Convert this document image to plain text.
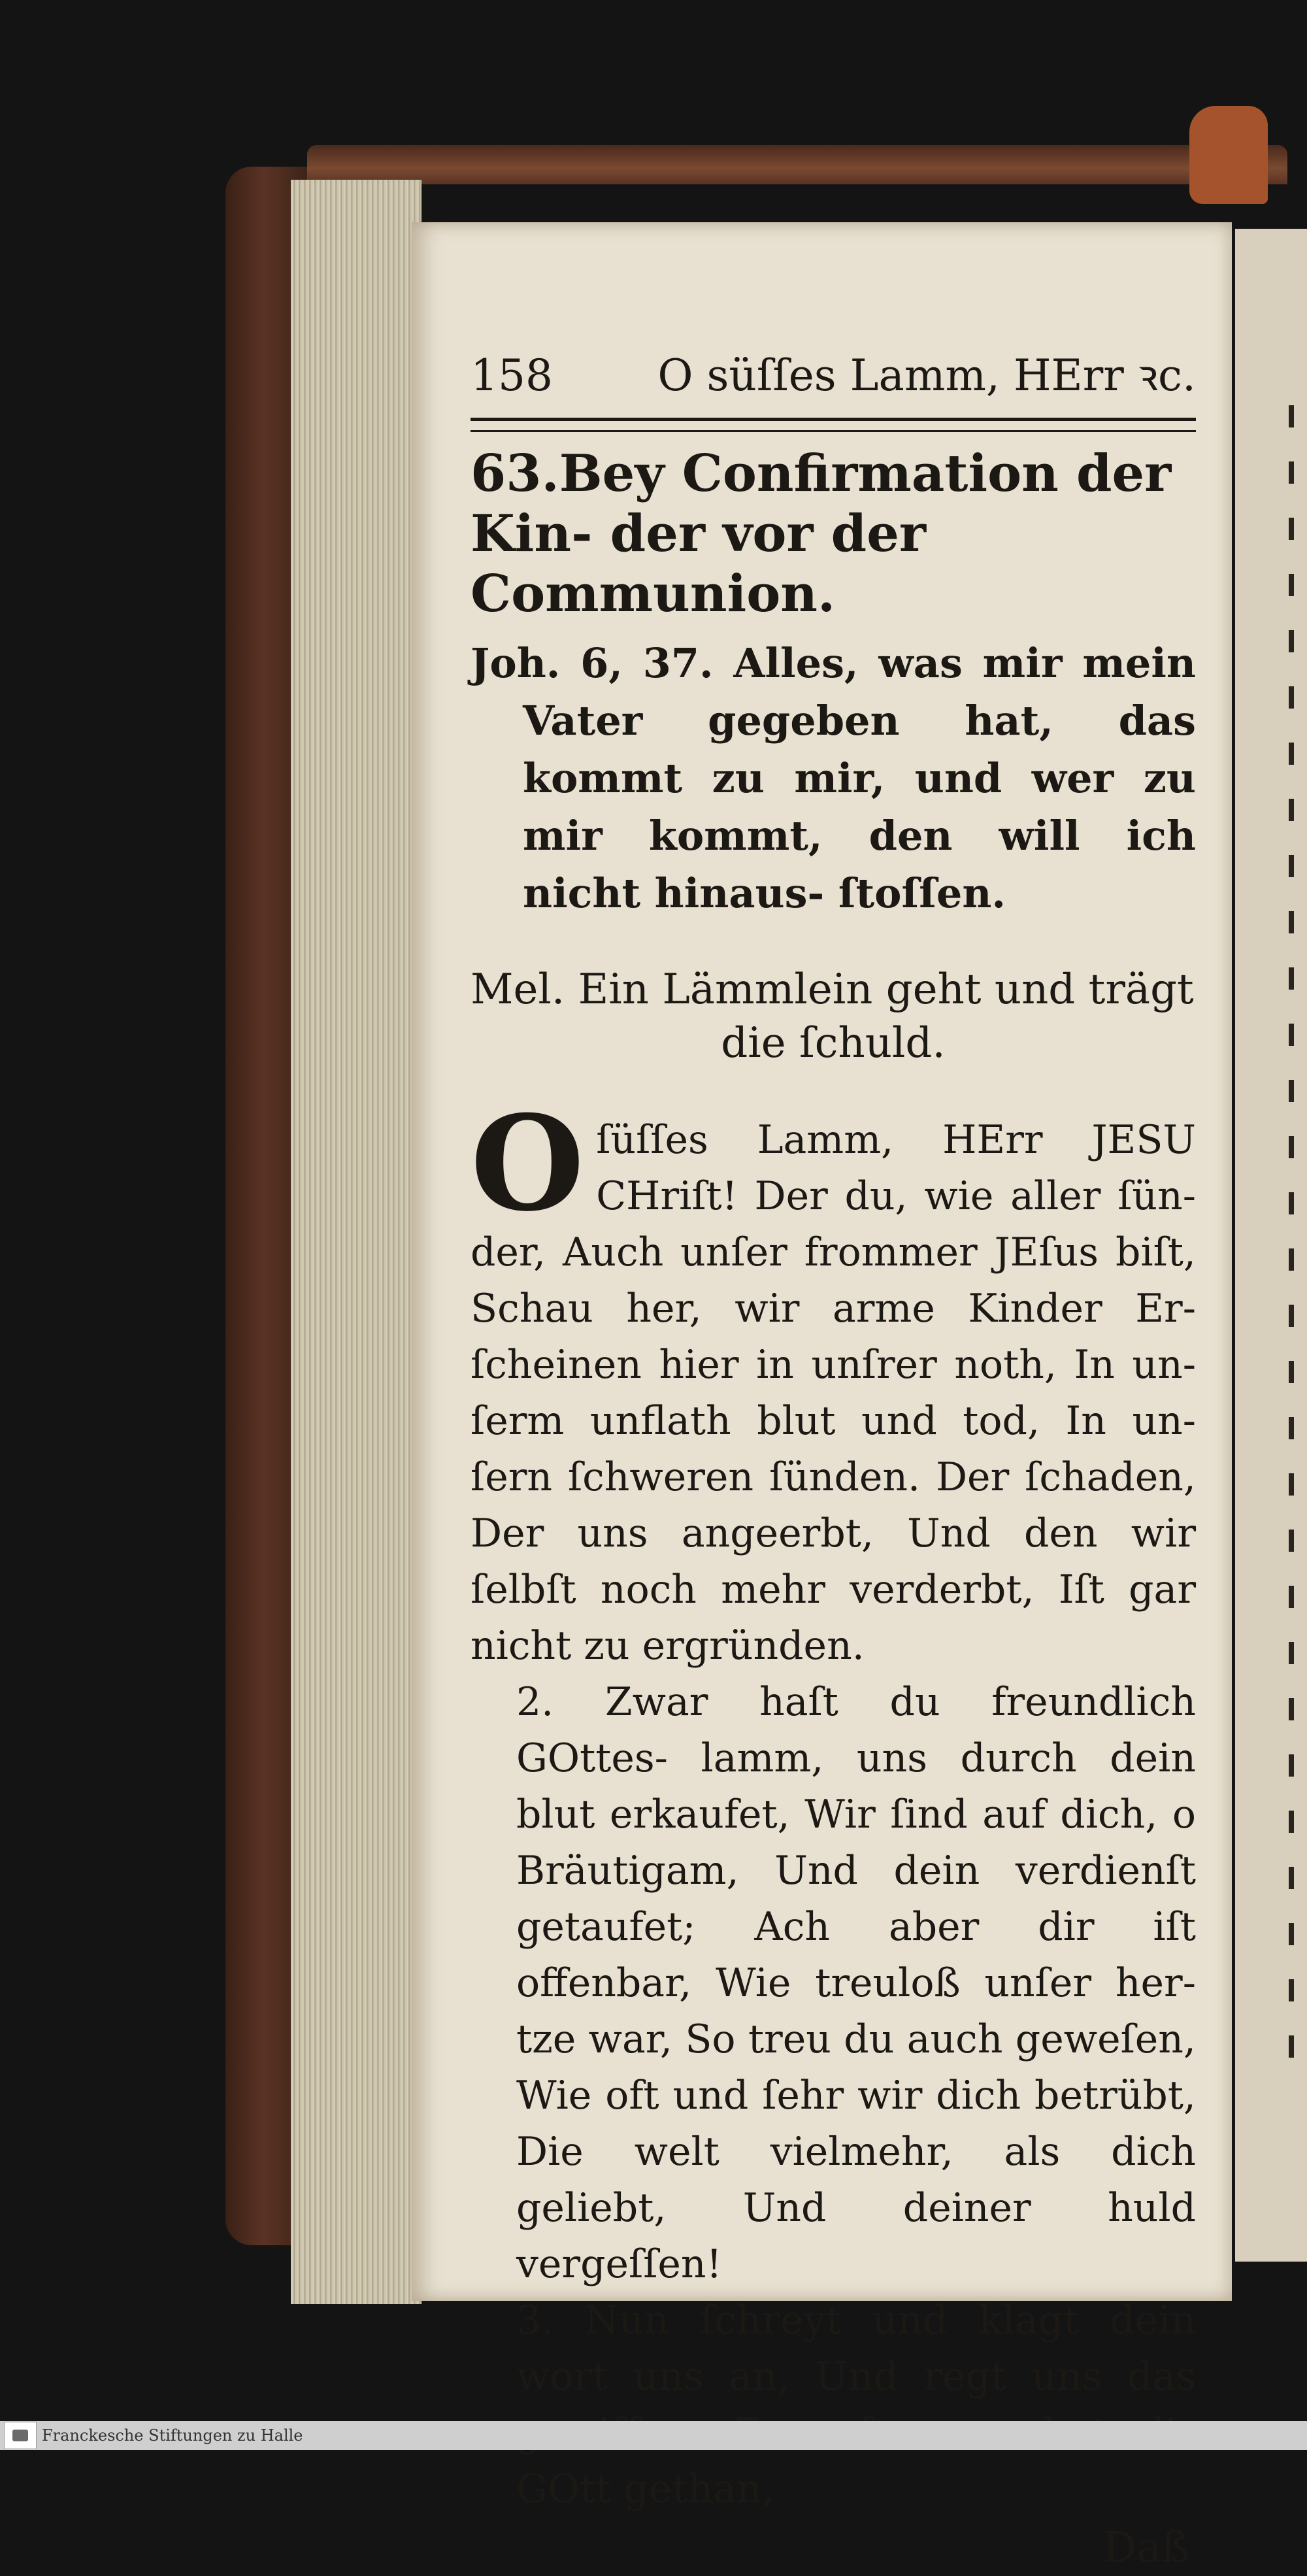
158	O süſſes Lamm, HErr ꝛc.

63.Bey Confirmation der Kin- der vor der Communion.

Joh. 6, 37. Alles, was mir mein Vater gegeben hat, das kommt zu mir, und wer zu mir kommt, den will ich nicht hinaus- ſtoſſen.

Mel. Ein Lämmlein geht und trägt
die ſchuld.

Oſüſſes Lamm, HErr JESU CHriſt! Der du, wie aller ſün- der, Auch unſer frommer JEſus biſt, Schau her, wir arme Kinder Er- ſcheinen hier in unſrer noth, In un- ſerm unflath blut und tod, In un- ſern ſchweren ſünden. Der ſchaden, Der uns angeerbt, Und den wir ſelbſt noch mehr verderbt, Iſt gar nicht zu ergründen.

2. Zwar haſt du freundlich GOttes- lamm, uns durch dein blut erkaufet, Wir ſind auf dich, o Bräutigam, Und dein verdienſt getaufet; Ach aber dir iſt offenbar, Wie treuloß unſer her- tze war, So treu du auch geweſen, Wie oft und ſehr wir dich betrübt, Die welt vielmehr, als dich geliebt, Und deiner huld vergeſſen!

3. Nun ſchreyt und klagt dein wort uns an, Und regt uns das GOtt gethan,

Daß
Franckesche Stiftungen zu Halle
